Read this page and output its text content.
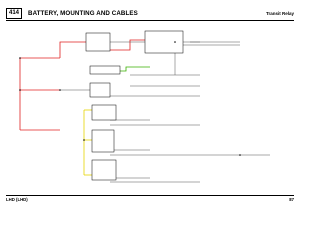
414	BATTERY, MOUNTING AND CABLES	Transit Relay
LHD (LHD)	87
